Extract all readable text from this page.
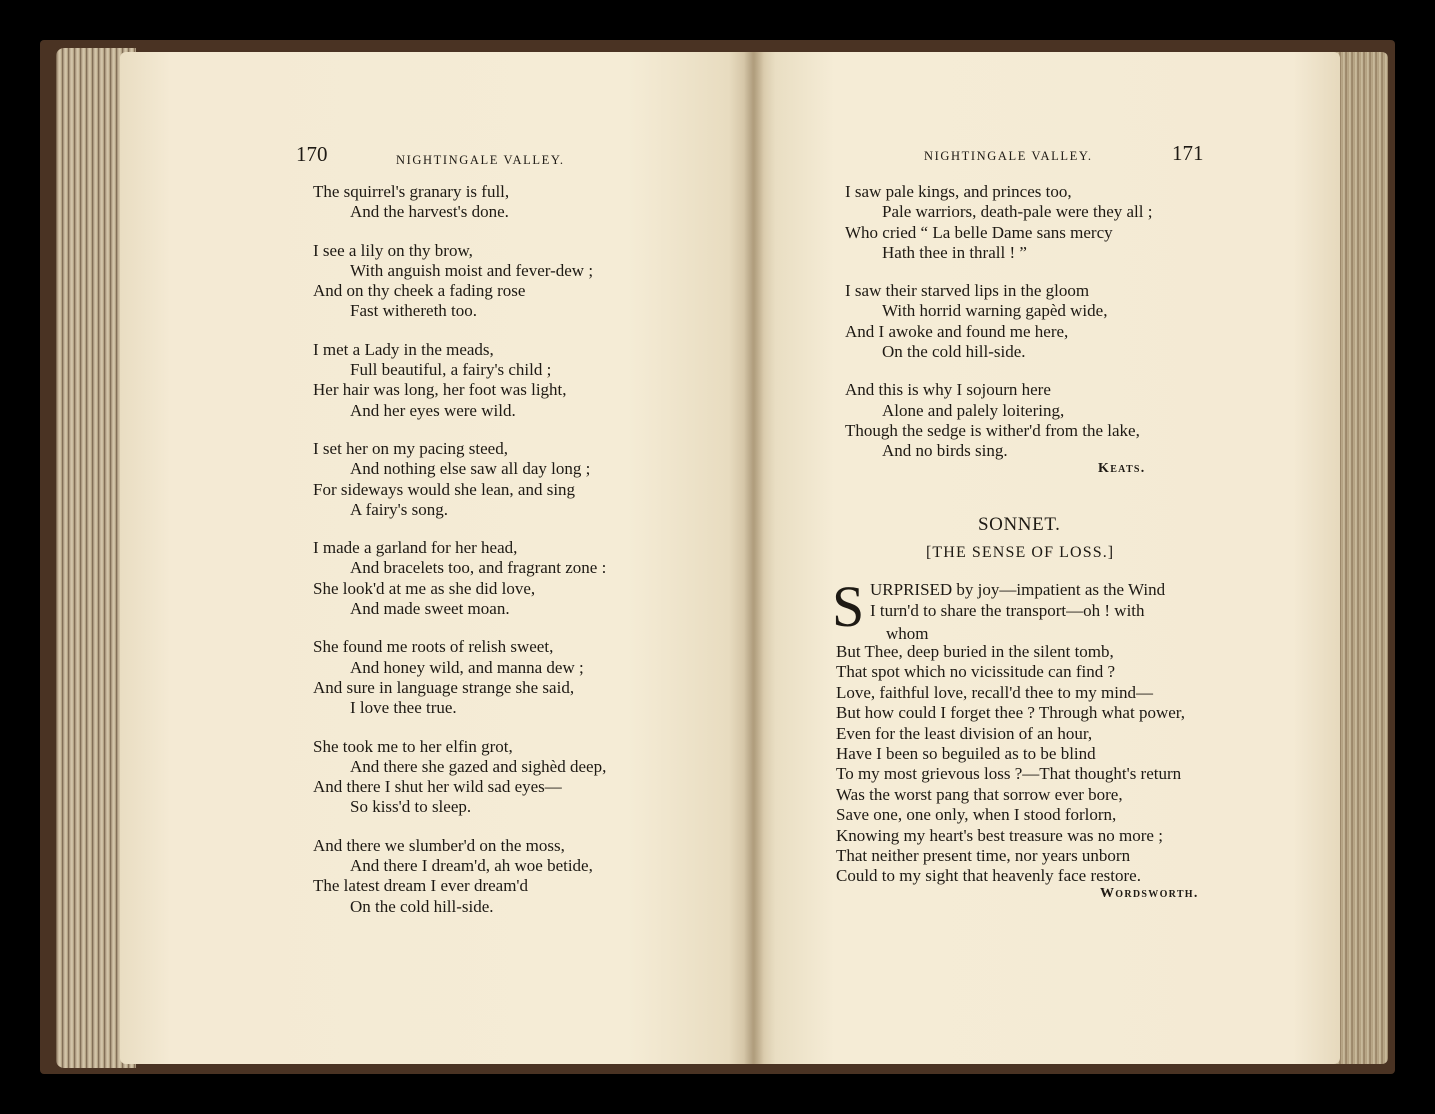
170	NIGHTINGALE VALLEY.
The squirrel's granary is full,
And the harvest's done.
I see a lily on thy brow,
With anguish moist and fever-dew ;
And on thy cheek a fading rose
Fast withereth too.
I met a Lady in the meads,
Full beautiful, a fairy's child ;
Her hair was long, her foot was light,
And her eyes were wild.
I set her on my pacing steed,
And nothing else saw all day long ;
For sideways would she lean, and sing
A fairy's song.
I made a garland for her head,
And bracelets too, and fragrant zone :
She look'd at me as she did love,
And made sweet moan.
She found me roots of relish sweet,
And honey wild, and manna dew ;
And sure in language strange she said,
I love thee true.
She took me to her elfin grot,
And there she gazed and sighèd deep,
And there I shut her wild sad eyes—
So kiss'd to sleep.
And there we slumber'd on the moss,
And there I dream'd, ah woe betide,
The latest dream I ever dream'd
On the cold hill-side.
NIGHTINGALE VALLEY.	171
I saw pale kings, and princes too,
Pale warriors, death-pale were they all ;
Who cried “ La belle Dame sans mercy
Hath thee in thrall ! ”
I saw their starved lips in the gloom
With horrid warning gapèd wide,
And I awoke and found me here,
On the cold hill-side.
And this is why I sojourn here
Alone and palely loitering,
Though the sedge is wither'd from the lake,
And no birds sing.
Keats.
SONNET.
[THE SENSE OF LOSS.]
S URPRISED by joy—impatient as the Wind
I turn'd to share the transport—oh ! with
whom
But Thee, deep buried in the silent tomb,
That spot which no vicissitude can find ?
Love, faithful love, recall'd thee to my mind—
But how could I forget thee ? Through what power,
Even for the least division of an hour,
Have I been so beguiled as to be blind
To my most grievous loss ?—That thought's return
Was the worst pang that sorrow ever bore,
Save one, one only, when I stood forlorn,
Knowing my heart's best treasure was no more ;
That neither present time, nor years unborn
Could to my sight that heavenly face restore.
Wordsworth.
